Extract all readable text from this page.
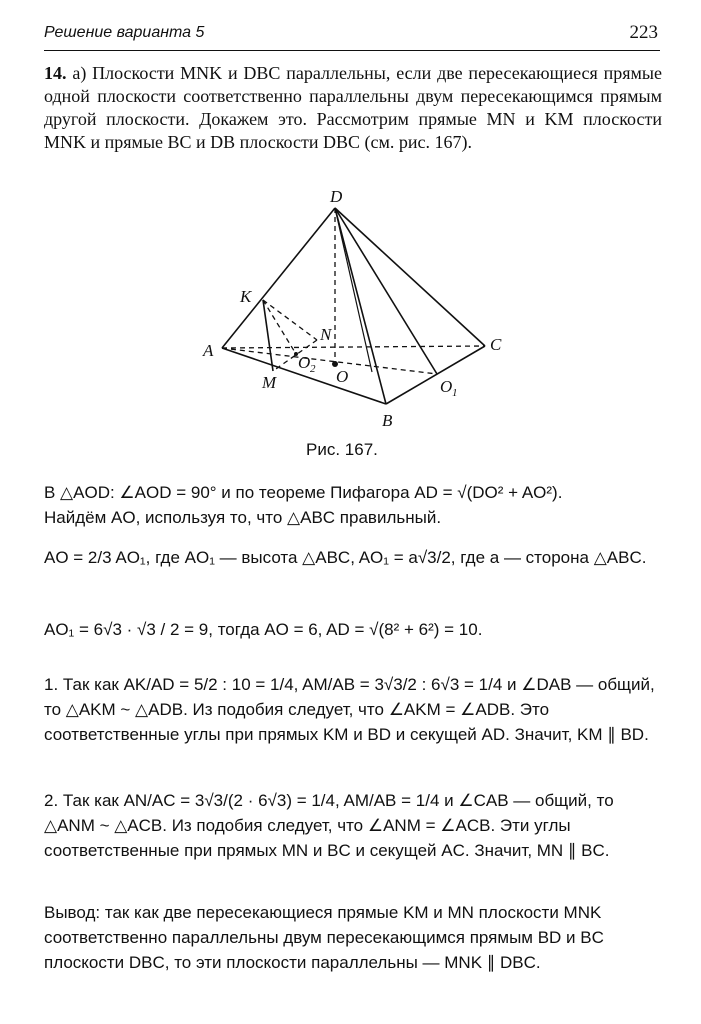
Решение варианта 5	223
14. а) Плоскости MNK и DBC параллельны, если две пересекающиеся прямые одной плоскости соответственно параллельны двум пересекающимся прямым другой плоскости. Докажем это. Рассмотрим прямые MN и KM плоскости MNK и прямые BC и DB плоскости DBC (см. рис. 167).
D
K
N
A
O 2 O
C
M	O 1
B
Рис. 167.
В △AOD: ∠AOD = 90° и по теореме Пифагора AD = √(DO² + AO²).
Найдём AO, используя то, что △ABC правильный.
AO = 2/3 AO₁, где AO₁ — высота △ABC, AO₁ = a√3/2, где a — сторона △ABC.
AO₁ = 6√3 · √3 / 2 = 9, тогда AO = 6, AD = √(8² + 6²) = 10.
1. Так как AK/AD = 5/2 : 10 = 1/4, AM/AB = 3√3/2 : 6√3 = 1/4 и ∠DAB — общий, то △AKM ~ △ADB. Из подобия следует, что ∠AKM = ∠ADB. Это соответственные углы при прямых KM и BD и секущей AD. Значит, KM ∥ BD.
2. Так как AN/AC = 3√3/(2 · 6√3) = 1/4, AM/AB = 1/4 и ∠CAB — общий, то △ANM ~ △ACB. Из подобия следует, что ∠ANM = ∠ACB. Эти углы соответственные при прямых MN и BC и секущей AC. Значит, MN ∥ BC.
Вывод: так как две пересекающиеся прямые KM и MN плоскости MNK соответственно параллельны двум пересекающимся прямым BD и BC плоскости DBC, то эти плоскости параллельны — MNK ∥ DBC.
